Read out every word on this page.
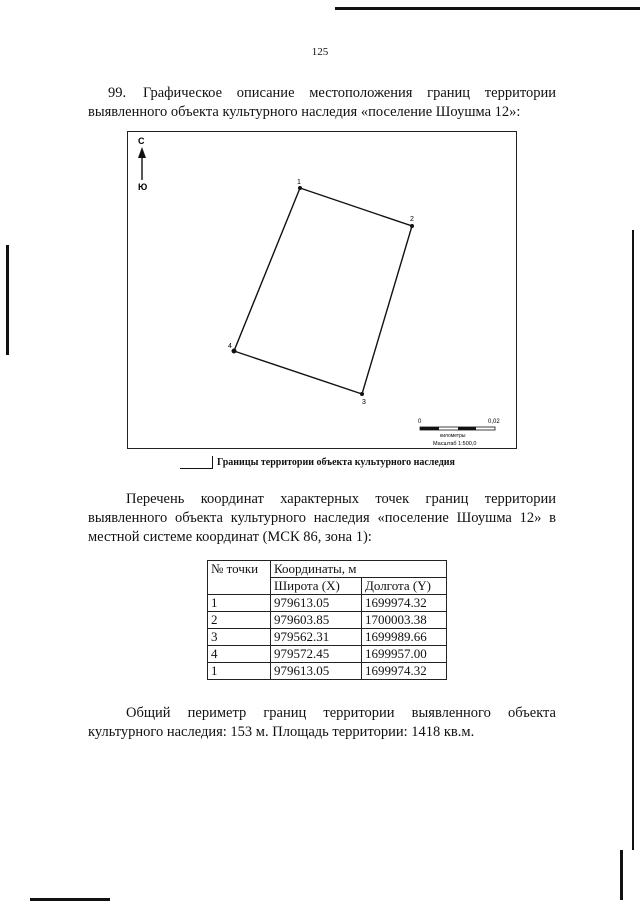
125
99. Графическое описание местоположения границ территории выявленного объекта культурного наследия «поселение Шоушма 12»:
С
Ю	1
2
3
4
0	0,02
километры
Масштаб 1:500,0
Границы территории объекта культурного наследия
Перечень координат характерных точек границ территории выявленного объекта культурного наследия «поселение Шоушма 12» в местной системе координат (МСК 86, зона 1):
№ точки	Координаты, м	
	Широта (X)	Долгота (Y)
1	979613.05	1699974.32
2	979603.85	1700003.38
3	979562.31	1699989.66
4	979572.45	1699957.00
1	979613.05	1699974.32
Общий периметр границ территории выявленного объекта культурного наследия: 153 м. Площадь территории: 1418 кв.м.
